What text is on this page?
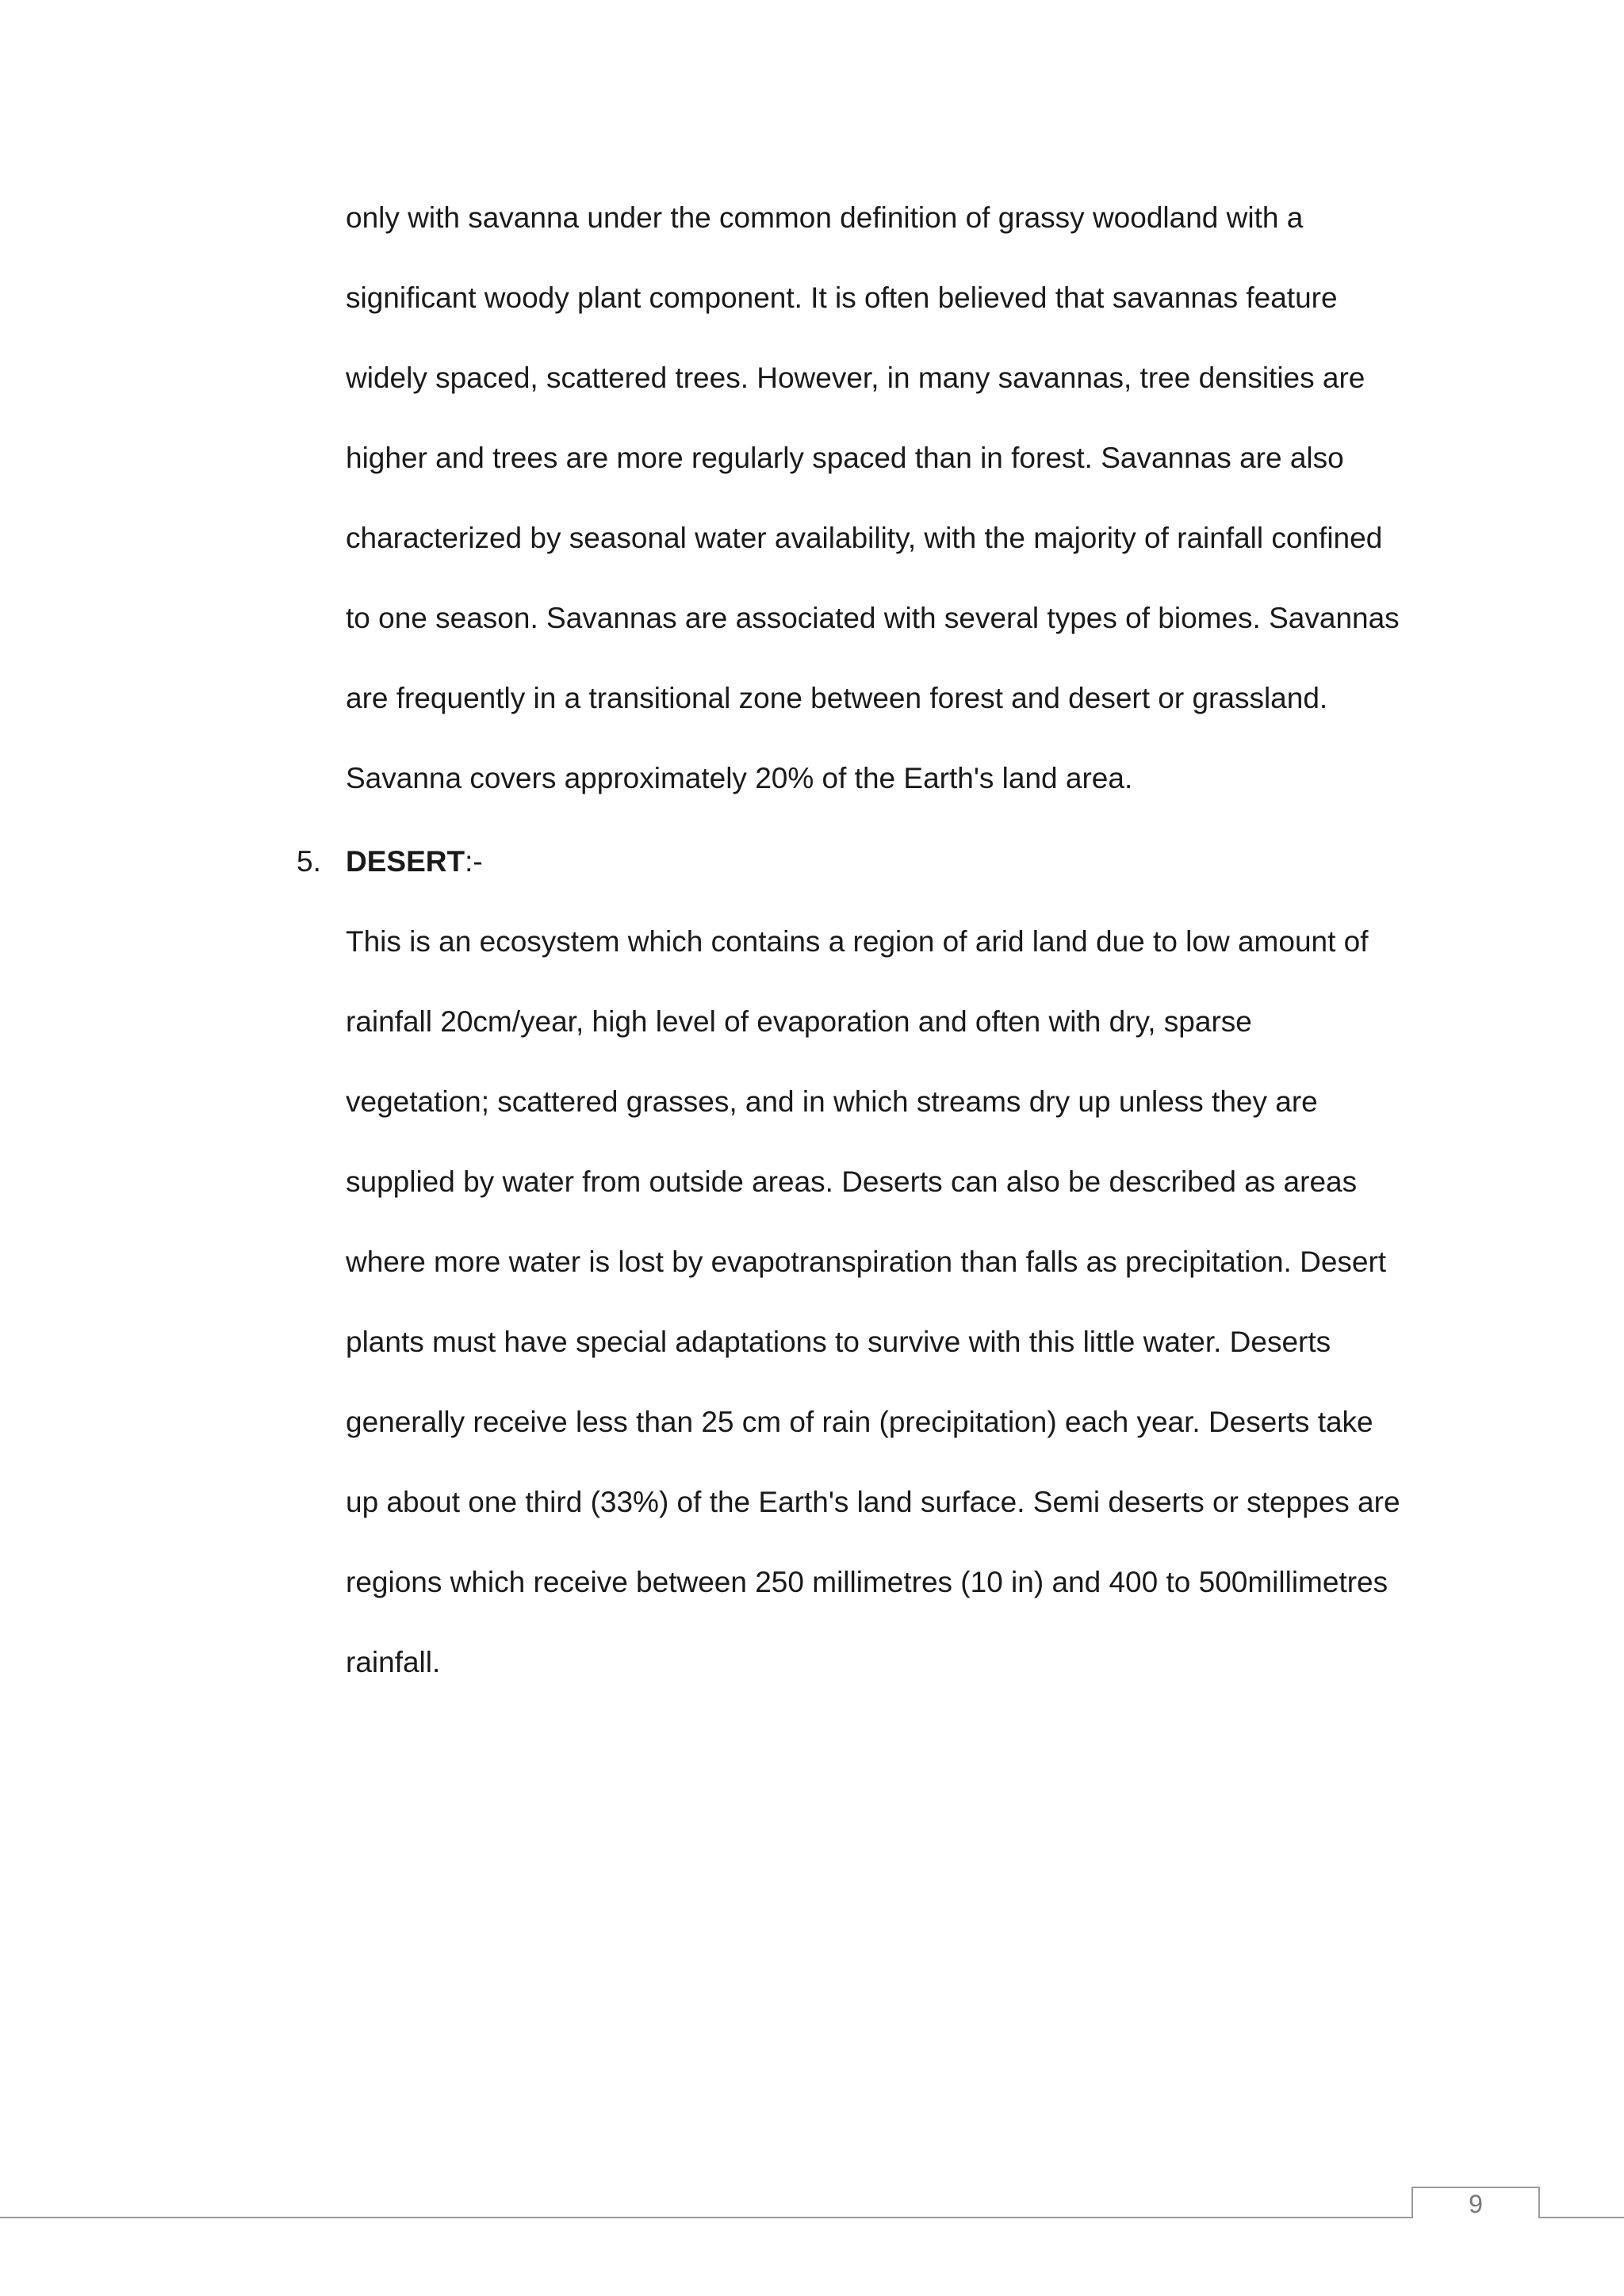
only with savanna under the common definition of grassy woodland with a
significant woody plant component. It is often believed that savannas feature
widely spaced, scattered trees. However, in many savannas, tree densities are
higher and trees are more regularly spaced than in forest. Savannas are also
characterized by seasonal water availability, with the majority of rainfall confined
to one season. Savannas are associated with several types of biomes. Savannas
are frequently in a transitional zone between forest and desert or grassland.
Savanna covers approximately 20% of the Earth's land area.
5. DESERT:-
This is an ecosystem which contains a region of arid land due to low amount of
rainfall 20cm/year, high level of evaporation and often with dry, sparse
vegetation; scattered grasses, and in which streams dry up unless they are
supplied by water from outside areas. Deserts can also be described as areas
where more water is lost by evapotranspiration than falls as precipitation. Desert
plants must have special adaptations to survive with this little water. Deserts
generally receive less than 25 cm of rain (precipitation) each year. Deserts take
up about one third (33%) of the Earth's land surface. Semi deserts or steppes are
regions which receive between 250 millimetres (10 in) and 400 to 500millimetres
rainfall.
9
